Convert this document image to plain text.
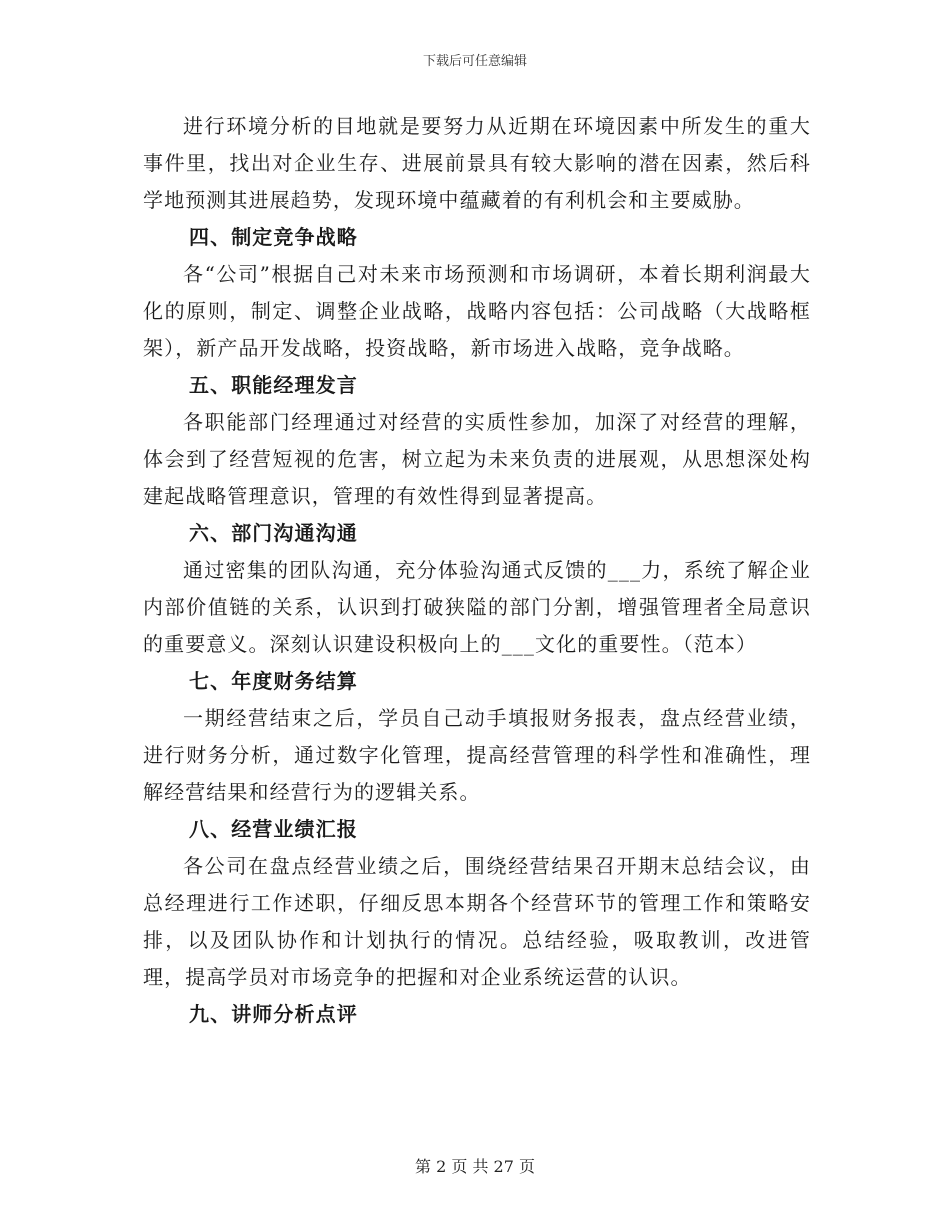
下载后可任意编辑

进行环境分析的目地就是要努力从近期在环境因素中所发生的重大事件里，找出对企业生存、进展前景具有较大影响的潜在因素，然后科学地预测其进展趋势，发现环境中蕴藏着的有利机会和主要威胁。

四、制定竞争战略

各“公司”根据自己对未来市场预测和市场调研，本着长期利润最大化的原则，制定、调整企业战略，战略内容包括：公司战略（大战略框架），新产品开发战略，投资战略，新市场进入战略，竞争战略。

五、职能经理发言

各职能部门经理通过对经营的实质性参加，加深了对经营的理解，体会到了经营短视的危害，树立起为未来负责的进展观，从思想深处构建起战略管理意识，管理的有效性得到显著提高。

六、部门沟通沟通

通过密集的团队沟通，充分体验沟通式反馈的___力，系统了解企业内部价值链的关系，认识到打破狭隘的部门分割，增强管理者全局意识的重要意义。深刻认识建设积极向上的___文化的重要性。（范本）

七、年度财务结算

一期经营结束之后，学员自己动手填报财务报表，盘点经营业绩，进行财务分析，通过数字化管理，提高经营管理的科学性和准确性，理解经营结果和经营行为的逻辑关系。

八、经营业绩汇报

各公司在盘点经营业绩之后，围绕经营结果召开期末总结会议，由总经理进行工作述职，仔细反思本期各个经营环节的管理工作和策略安排，以及团队协作和计划执行的情况。总结经验，吸取教训，改进管理，提高学员对市场竞争的把握和对企业系统运营的认识。

九、讲师分析点评

第 2 页 共 27 页
